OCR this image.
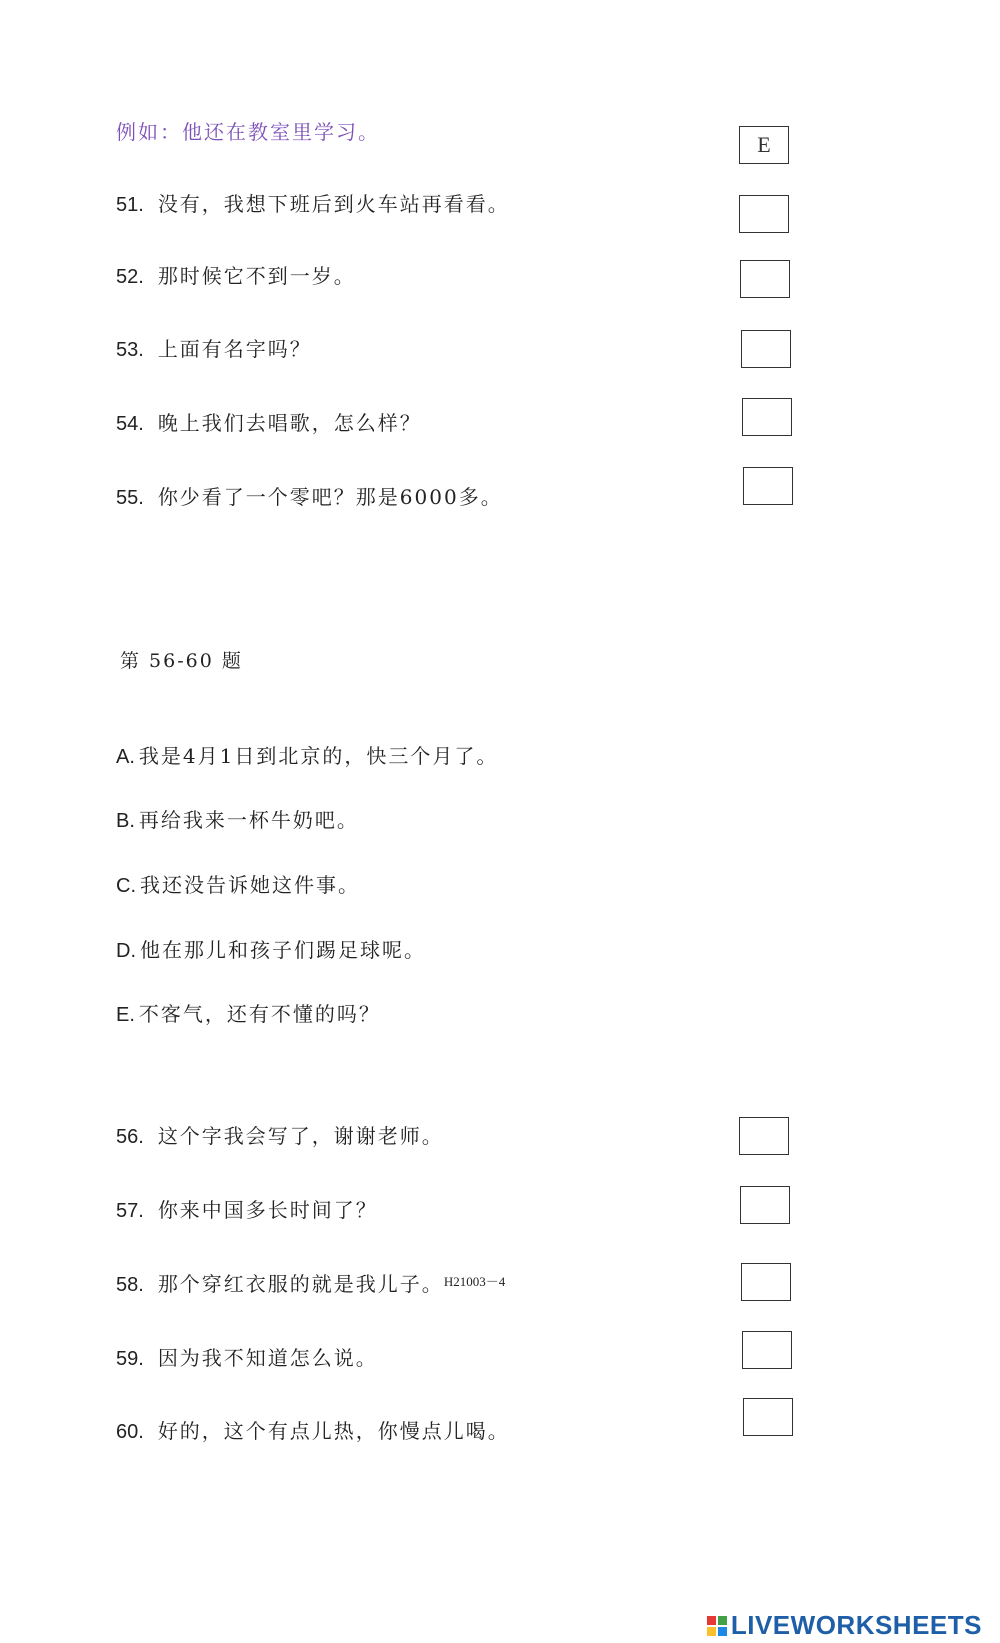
例如：他还在教室里学习。	E
51. 没有，我想下班后到火车站再看看。
52. 那时候它不到一岁。
53. 上面有名字吗？
54. 晚上我们去唱歌，怎么样？
55. 你少看了一个零吧？那是6000多。
第 56-60 题
A. 我是4月1日到北京的，快三个月了。
B. 再给我来一杯牛奶吧。
C. 我还没告诉她这件事。
D. 他在那儿和孩子们踢足球呢。
E. 不客气，还有不懂的吗？
56. 这个字我会写了，谢谢老师。
57. 你来中国多长时间了？
58. 那个穿红衣服的就是我儿子。$^{H21003-4}$
59. 因为我不知道怎么说。
60. 好的，这个有点儿热，你慢点儿喝。
LIVEWORKSHEETS
